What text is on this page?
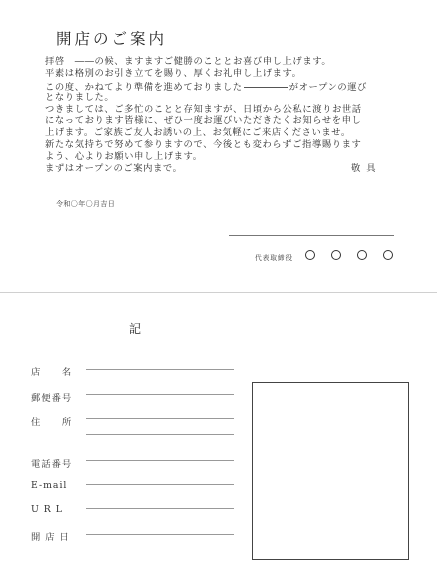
開店のご案内
拝啓　――の候、ますますご健勝のこととお喜び申し上げます。
平素は格別のお引き立てを賜り、厚くお礼申し上げます。
この度、かねてより準備を進めておりました	がオープンの運び
となりました。
つきましては、ご多忙のことと存知ますが、日頃から公私に渡りお世話
になっております皆様に、ぜひ一度お運びいただきたくお知らせを申し
上げます。ご家族ご友人お誘いの上、お気軽にご来店くださいませ。
新たな気持ちで努めて参りますので、今後とも変わらずご指導賜ります
よう、心よりお願い申し上げます。
まずはオープンのご案内まで。	敬具
令和〇年〇月吉日
代表取締役
記
店　　名
郵便番号
住　　所
電話番号
E-mail
U R L
開 店 日
